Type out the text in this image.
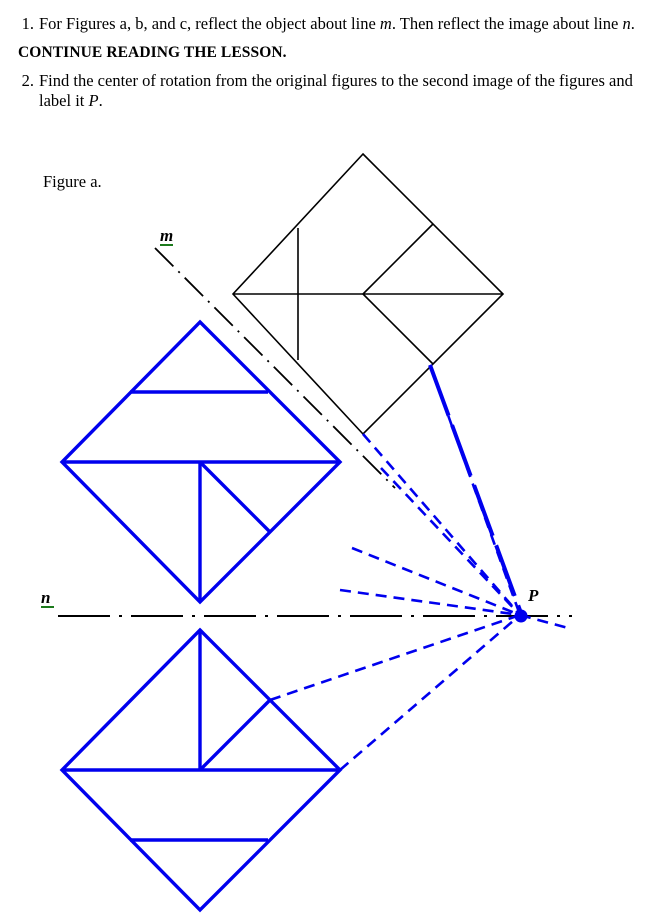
1. For Figures a, b, and c, reflect the object about line m. Then reflect the image about line n.
CONTINUE READING THE LESSON.
2. Find the center of rotation from the original figures to the second image of the figures and label it P.
Figure a.
m
n	P
